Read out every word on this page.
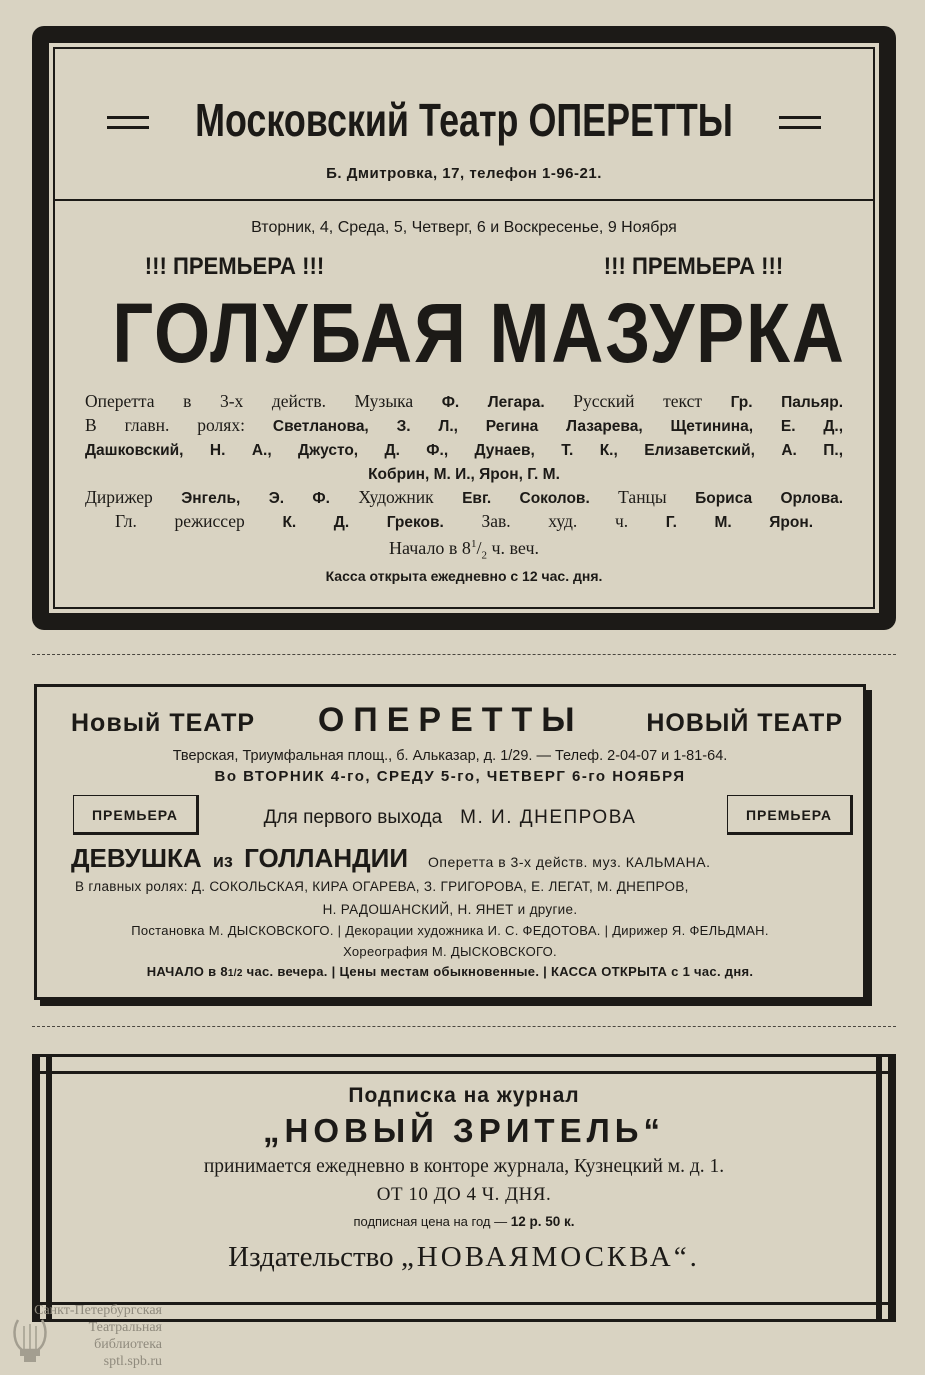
Московский Театр ОПЕРЕТТЫ
Б. Дмитровка, 17, телефон 1-96-21.
Вторник, 4, Среда, 5, Четверг, 6 и Воскресенье, 9 Ноября
!!! ПРЕМЬЕРА !!!	!!! ПРЕМЬЕРА !!!
ГОЛУБАЯ МАЗУРКА
Оперетта в 3-х действ. Музыка Ф. Легара. Русский текст Гр. Пальяр.
В главн. ролях: Светланова, З. Л., Регина Лазарева, Щетинина, Е. Д.,
Дашковский, Н. А., Джусто, Д. Ф., Дунаев, Т. К., Елизаветский, А. П.,
Кобрин, М. И., Ярон, Г. М.
Дирижер Энгель, Э. Ф. Художник Евг. Соколов. Танцы Бориса Орлова.
Гл. режиссер К. Д. Греков. Зав. худ. ч. Г. М. Ярон.
Начало в $8^1/_2$ ч. веч.
Касса открыта ежедневно с 12 час. дня.
Новый ТЕАТР ОПЕРЕТТЫ	НОВЫЙ ТЕАТР
Тверская, Триумфальная площ., б. Альказар, д. 1/29. — Телеф. 2-04-07 и 1-81-64.
Во ВТОРНИК 4-го, СРЕДУ 5-го, ЧЕТВЕРГ 6-го НОЯБРЯ
ПРЕМЬЕРА	Для первого выхода М. И. ДНЕПРОВА	ПРЕМЬЕРА
ДЕВУШКА из ГОЛЛАНДИИ Оперетта в 3-х действ. муз. КАЛЬМАНА.
В главных ролях: Д. СОКОЛЬСКАЯ, КИРА ОГАРЕВА, З. ГРИГОРОВА, Е. ЛЕГАТ, М. ДНЕПРОВ,
Н. РАДОШАНСКИЙ, Н. ЯНЕТ и другие.
Постановка М. ДЫСКОВСКОГО. | Декорации художника И. С. ФЕДОТОВА. | Дирижер Я. ФЕЛЬДМАН.
Хореография М. ДЫСКОВСКОГО.
НАЧАЛО в 81/2 час. вечера. | Цены местам обыкновенные. | КАССА ОТКРЫТА с 1 час. дня.
Подписка на журнал
„НОВЫЙ ЗРИТЕЛЬ“
принимается ежедневно в конторе журнала, Кузнецкий м. д. 1.
ОТ 10 ДО 4 Ч. ДНЯ.
подписная цена на год — 12 р. 50 к.
Издательство „НОВАЯМОСКВА“.
Санкт-Петербургская
Театральная
библиотека
sptl.spb.ru
